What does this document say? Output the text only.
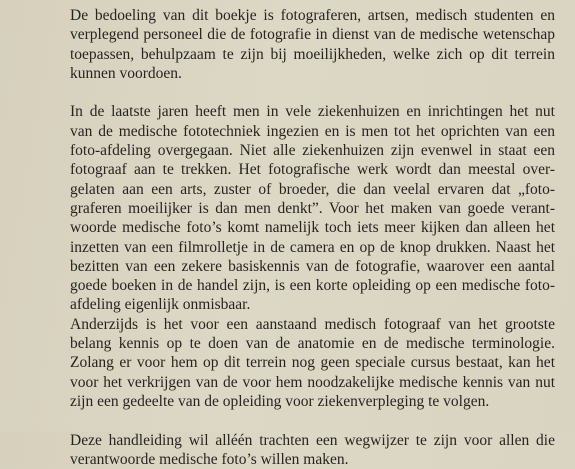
De bedoeling van dit boekje is fotograferen, artsen, medisch studenten en
verplegend personeel die de fotografie in dienst van de medische wetenschap
toepassen, behulpzaam te zijn bij moeilijkheden, welke zich op dit terrein
kunnen voordoen.
In de laatste jaren heeft men in vele ziekenhuizen en inrichtingen het nut
van de medische fototechniek ingezien en is men tot het oprichten van een
foto-afdeling overgegaan. Niet alle ziekenhuizen zijn evenwel in staat een
fotograaf aan te trekken. Het fotografische werk wordt dan meestal over-
gelaten aan een arts, zuster of broeder, die dan veelal ervaren dat „foto-
graferen moeilijker is dan men denkt”. Voor het maken van goede verant-
woorde medische foto’s komt namelijk toch iets meer kijken dan alleen het
inzetten van een filmrolletje in de camera en op de knop drukken. Naast het
bezitten van een zekere basiskennis van de fotografie, waarover een aantal
goede boeken in de handel zijn, is een korte opleiding op een medische foto-
afdeling eigenlijk onmisbaar.
Anderzijds is het voor een aanstaand medisch fotograaf van het grootste
belang kennis op te doen van de anatomie en de medische terminologie.
Zolang er voor hem op dit terrein nog geen speciale cursus bestaat, kan het
voor het verkrijgen van de voor hem noodzakelijke medische kennis van nut
zijn een gedeelte van de opleiding voor ziekenverpleging te volgen.
Deze handleiding wil alléén trachten een wegwijzer te zijn voor allen die
verantwoorde medische foto’s willen maken.
